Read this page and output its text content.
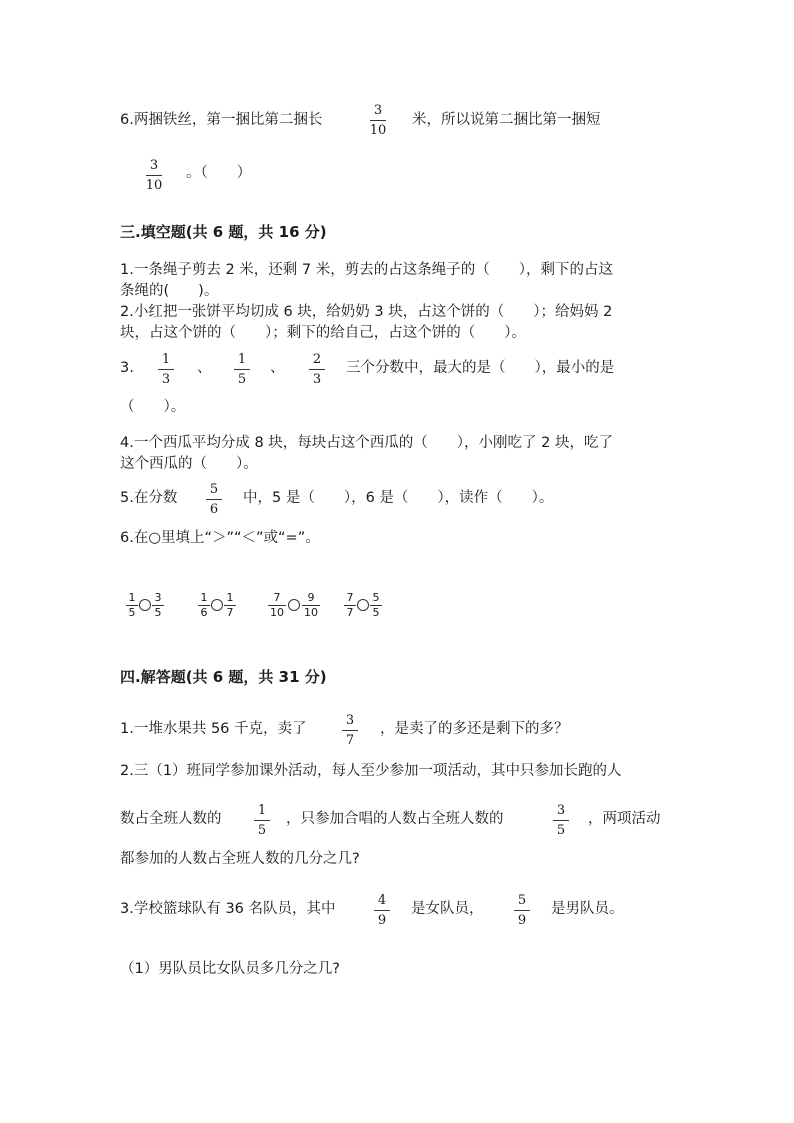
6.两捆铁丝，第一捆比第二捆长
3
10
米，所以说第二捆比第一捆短
3
10
。（　　）
三.填空题(共 6 题，共 16 分)
1.一条绳子剪去 2 米，还剩 7 米，剪去的占这条绳子的（　　），剩下的占这
条绳的(　　)。
2.小红把一张饼平均切成 6 块，给奶奶 3 块，占这个饼的（　　）；给妈妈 2
块，占这个饼的（　　）；剩下的给自己，占这个饼的（　　）。
3.
1
3
、
1
5
、
2
3
三个分数中，最大的是（　　），最小的是
（　　）。
4.一个西瓜平均分成 8 块，每块占这个西瓜的（　　），小刚吃了 2 块，吃了
这个西瓜的（　　）。
5.在分数
5
6
中，5 是（　　），6 是（　　），读作（　　）。
6.在○里填上“＞”“＜”或“=”。
1
5
3
5
1
6
1
7
7
10
9
10
7
7
5
5
四.解答题(共 6 题，共 31 分)
1.一堆水果共 56 千克，卖了
3
7
，是卖了的多还是剩下的多？
2.三（1）班同学参加课外活动，每人至少参加一项活动，其中只参加长跑的人
数占全班人数的
1
5
，只参加合唱的人数占全班人数的
3
5
，两项活动
都参加的人数占全班人数的几分之几?
3.学校篮球队有 36 名队员，其中
4
9
是女队员，
5
9
是男队员。
（1）男队员比女队员多几分之几?
